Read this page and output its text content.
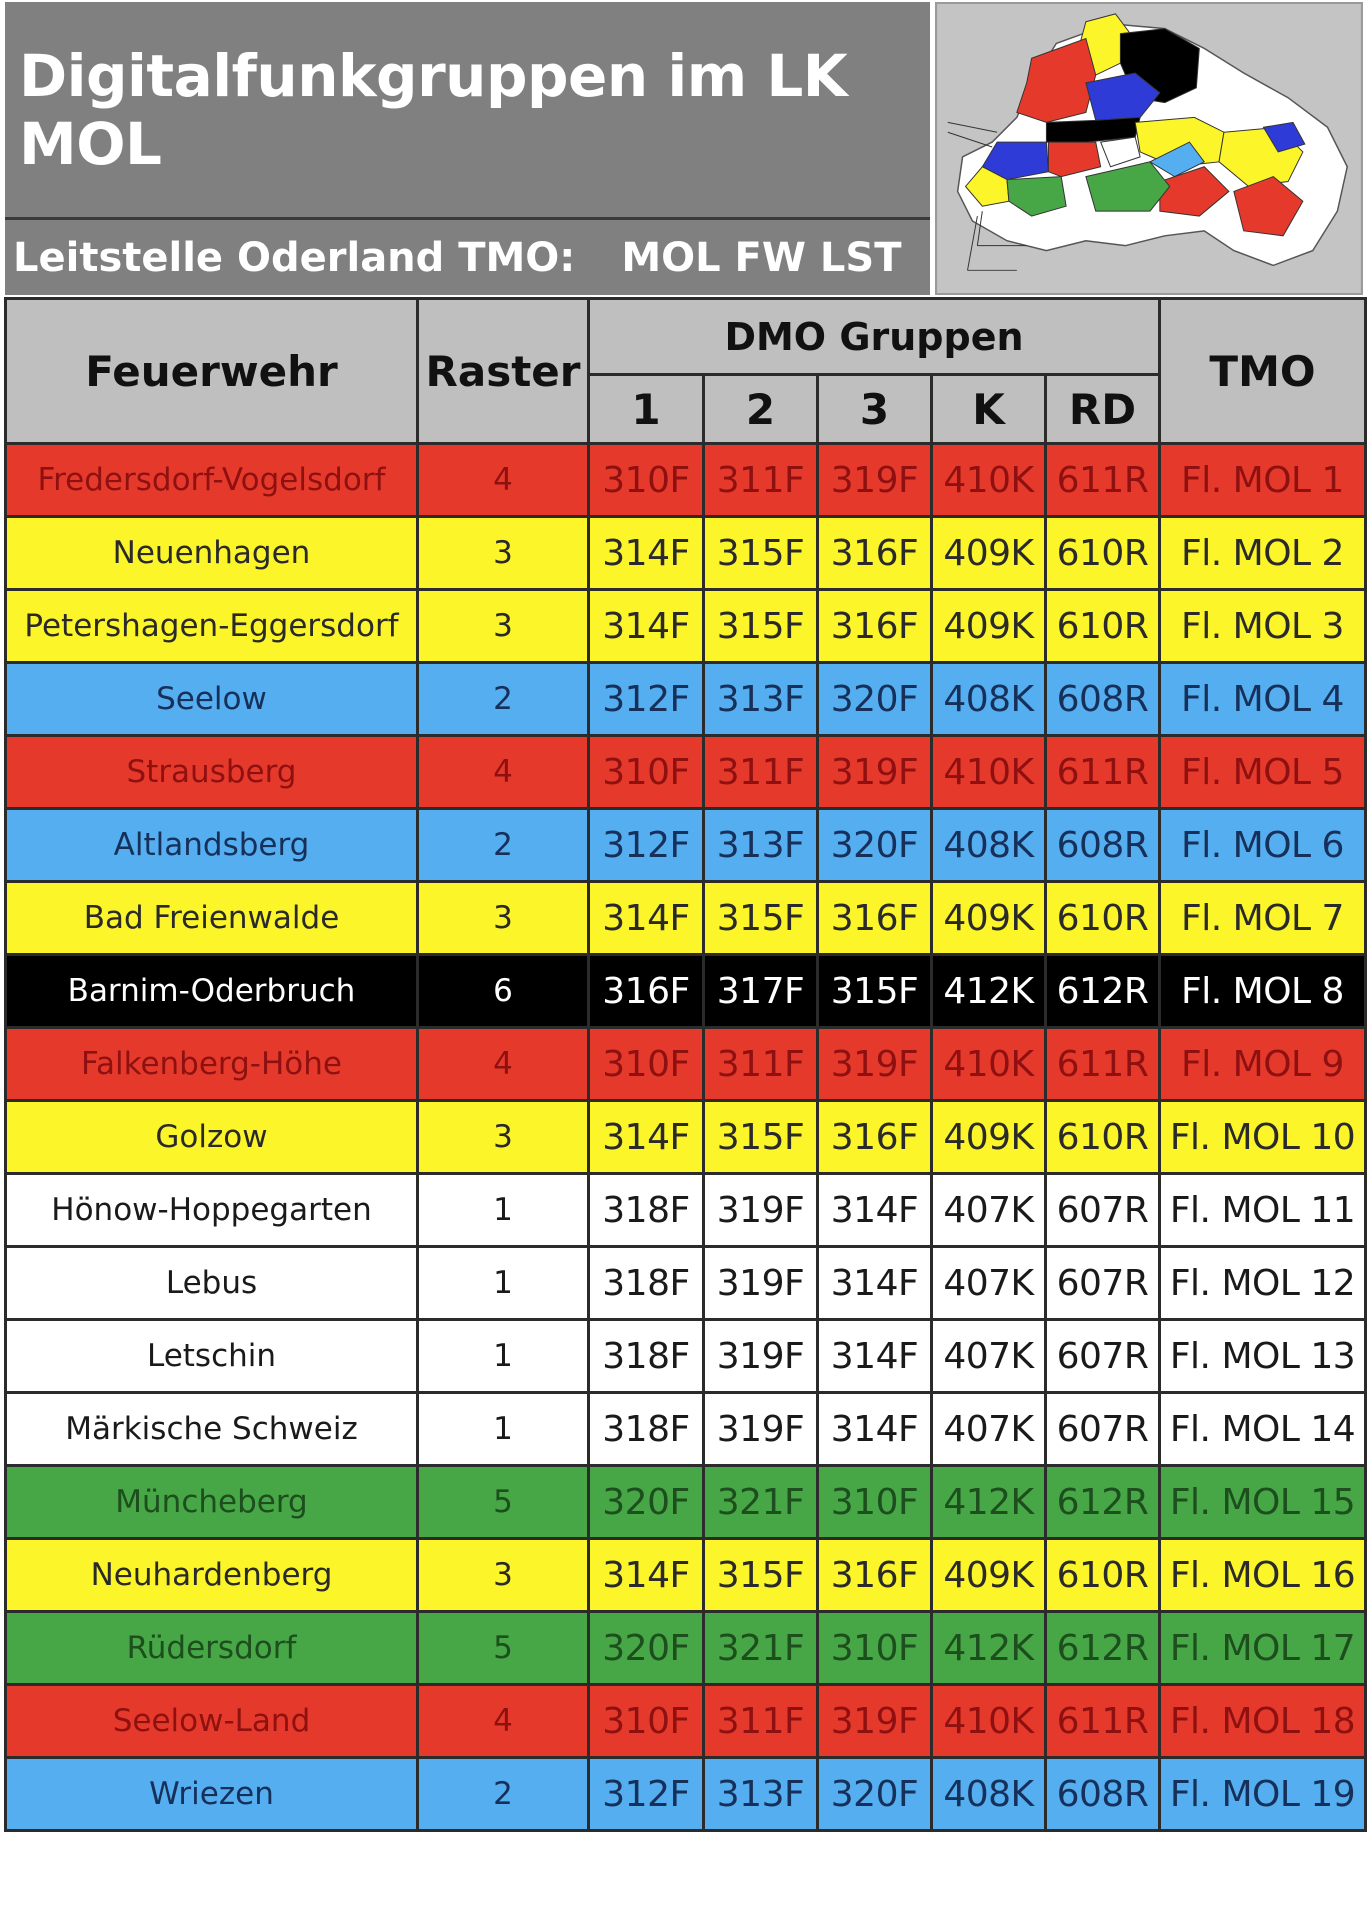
Digitalfunkgruppen im LK MOL
Leitstelle Oderland TMO: MOL FW LST
Feuerwehr	Raster	DMO Gruppen					TMO
		1	2	3	K	RD	
Fredersdorf-Vogelsdorf	4	310F	311F	319F	410K	611R	Fl. MOL 1
Neuenhagen	3	314F	315F	316F	409K	610R	Fl. MOL 2
Petershagen-Eggersdorf	3	314F	315F	316F	409K	610R	Fl. MOL 3
Seelow	2	312F	313F	320F	408K	608R	Fl. MOL 4
Strausberg	4	310F	311F	319F	410K	611R	Fl. MOL 5
Altlandsberg	2	312F	313F	320F	408K	608R	Fl. MOL 6
Bad Freienwalde	3	314F	315F	316F	409K	610R	Fl. MOL 7
Barnim-Oderbruch	6	316F	317F	315F	412K	612R	Fl. MOL 8
Falkenberg-Höhe	4	310F	311F	319F	410K	611R	Fl. MOL 9
Golzow	3	314F	315F	316F	409K	610R	Fl. MOL 10
Hönow-Hoppegarten	1	318F	319F	314F	407K	607R	Fl. MOL 11
Lebus	1	318F	319F	314F	407K	607R	Fl. MOL 12
Letschin	1	318F	319F	314F	407K	607R	Fl. MOL 13
Märkische Schweiz	1	318F	319F	314F	407K	607R	Fl. MOL 14
Müncheberg	5	320F	321F	310F	412K	612R	Fl. MOL 15
Neuhardenberg	3	314F	315F	316F	409K	610R	Fl. MOL 16
Rüdersdorf	5	320F	321F	310F	412K	612R	Fl. MOL 17
Seelow-Land	4	310F	311F	319F	410K	611R	Fl. MOL 18
Wriezen	2	312F	313F	320F	408K	608R	Fl. MOL 19
